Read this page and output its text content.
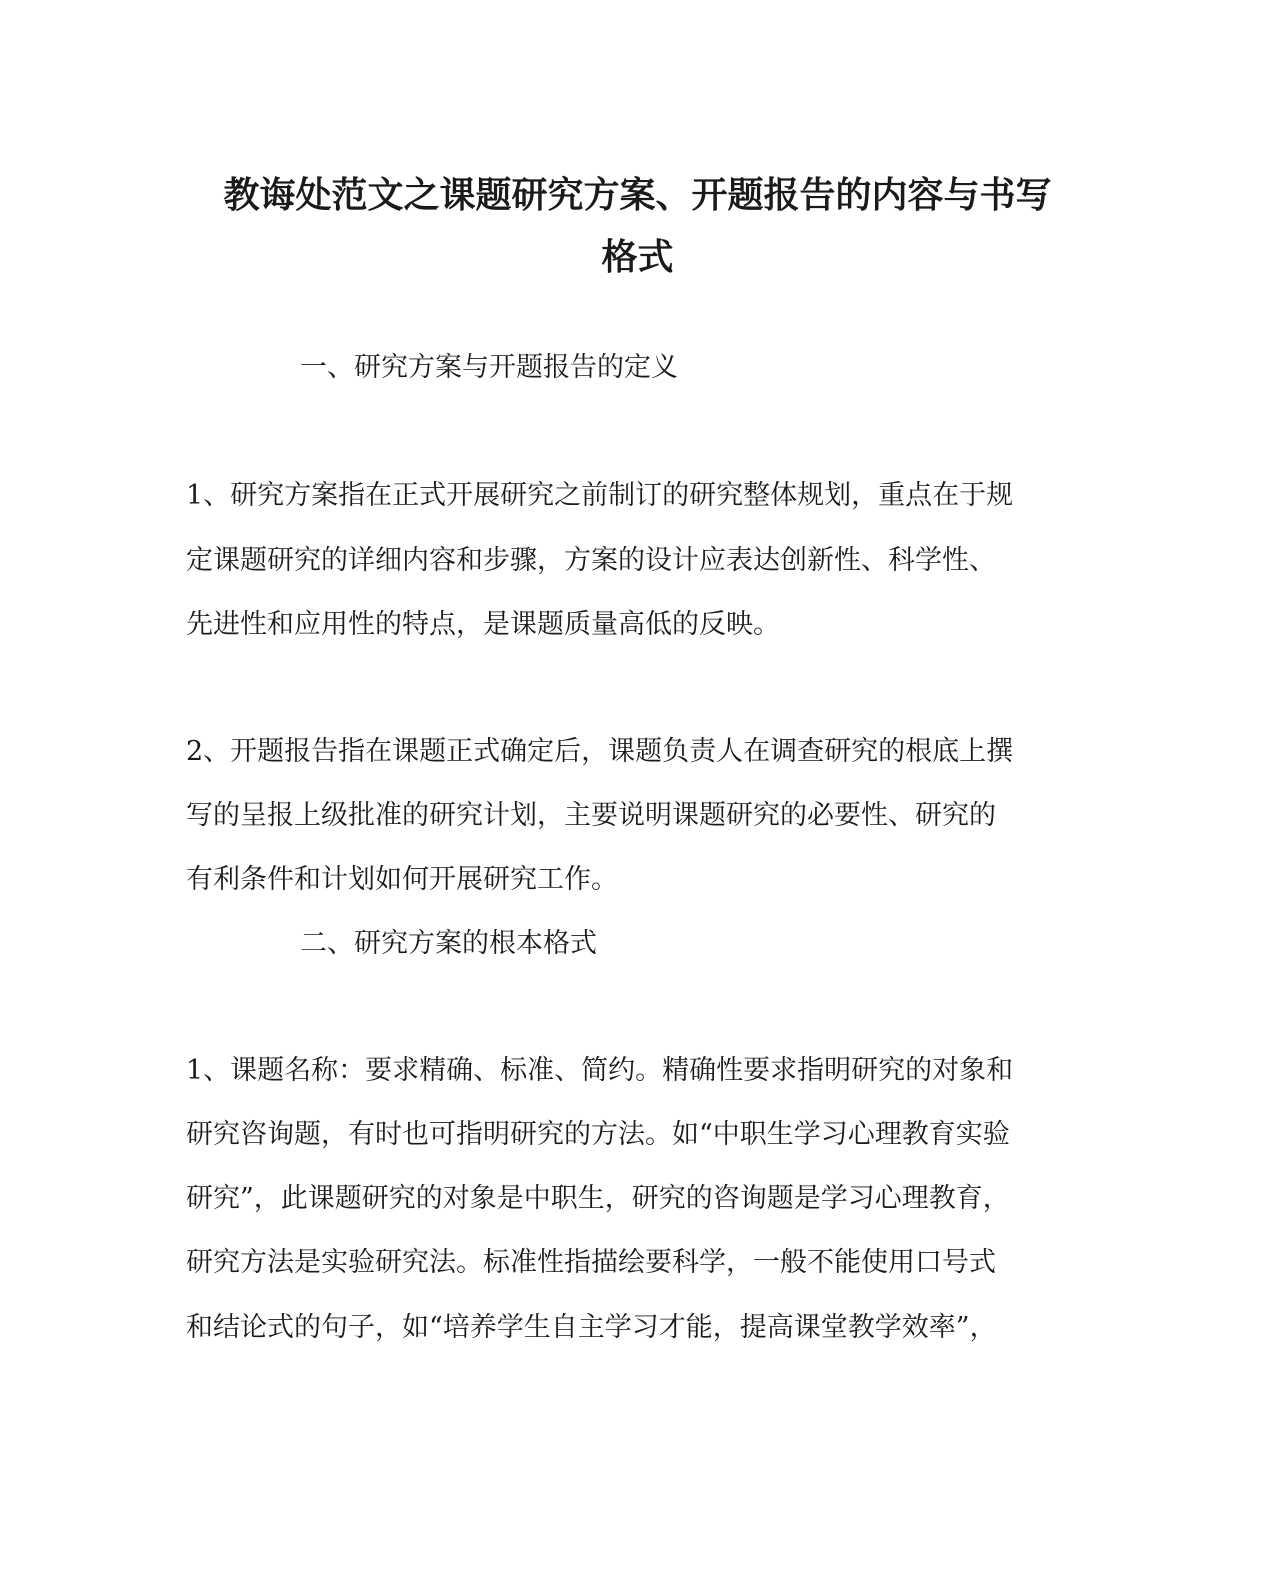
教诲处范文之课题研究方案、开题报告的内容与书写
格式

一、研究方案与开题报告的定义

1、研究方案指在正式开展研究之前制订的研究整体规划，重点在于规

定课题研究的详细内容和步骤，方案的设计应表达创新性、科学性、

先进性和应用性的特点，是课题质量高低的反映。

2、开题报告指在课题正式确定后，课题负责人在调查研究的根底上撰

写的呈报上级批准的研究计划，主要说明课题研究的必要性、研究的

有利条件和计划如何开展研究工作。

二、研究方案的根本格式

1、课题名称：要求精确、标准、简约。精确性要求指明研究的对象和

研究咨询题，有时也可指明研究的方法。如“中职生学习心理教育实验

研究”，此课题研究的对象是中职生，研究的咨询题是学习心理教育，

研究方法是实验研究法。标准性指描绘要科学，一般不能使用口号式

和结论式的句子，如“培养学生自主学习才能，提高课堂教学效率”，
